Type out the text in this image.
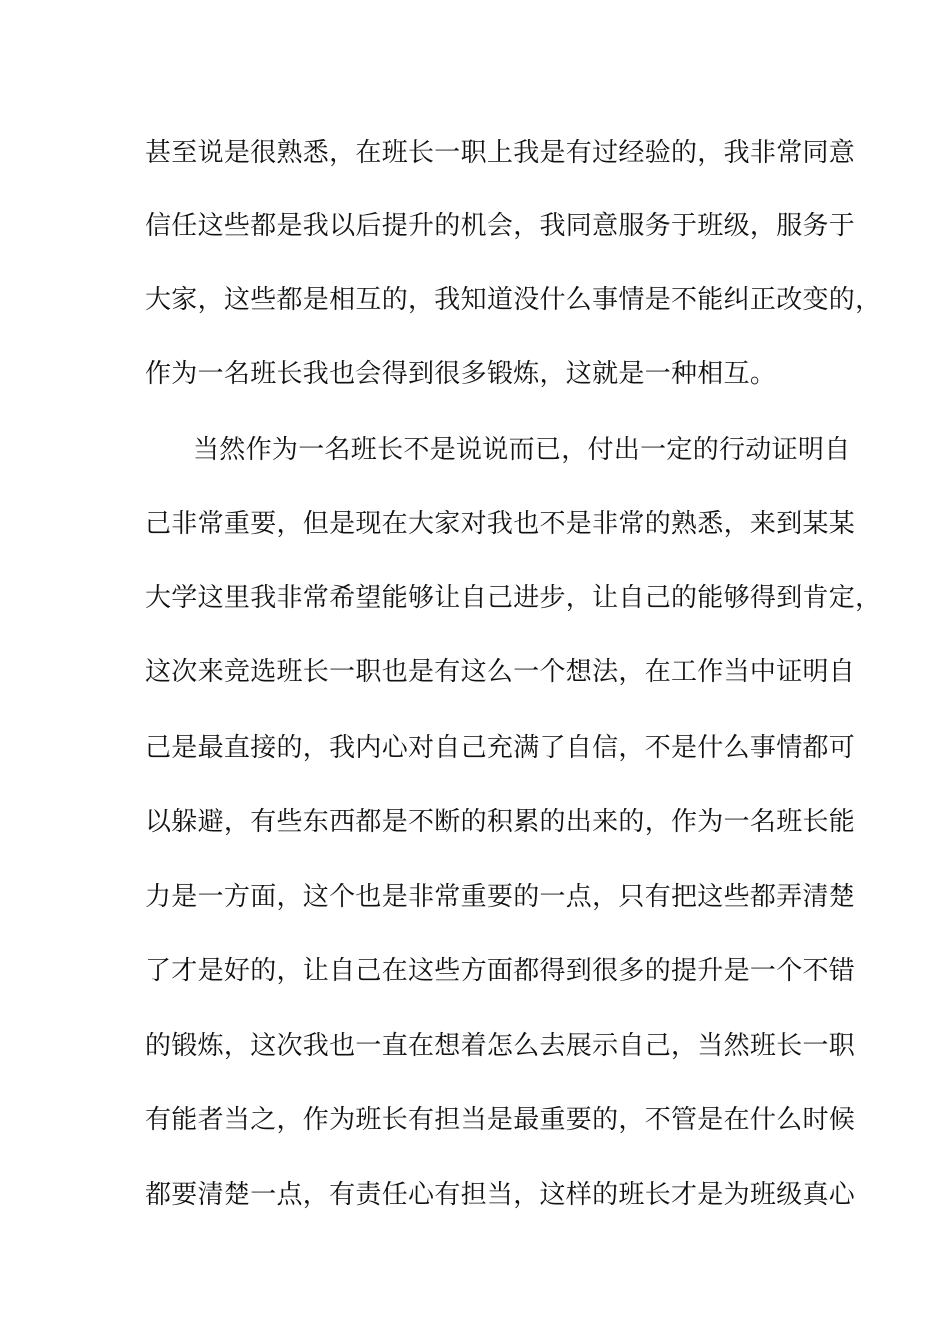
甚至说是很熟悉，在班长一职上我是有过经验的，我非常同意
信任这些都是我以后提升的机会，我同意服务于班级，服务于
大家，这些都是相互的，我知道没什么事情是不能纠正改变的，
作为一名班长我也会得到很多锻炼，这就是一种相互。
当然作为一名班长不是说说而已，付出一定的行动证明自
己非常重要，但是现在大家对我也不是非常的熟悉，来到某某
大学这里我非常希望能够让自己进步，让自己的能够得到肯定，
这次来竞选班长一职也是有这么一个想法，在工作当中证明自
己是最直接的，我内心对自己充满了自信，不是什么事情都可
以躲避，有些东西都是不断的积累的出来的，作为一名班长能
力是一方面，这个也是非常重要的一点，只有把这些都弄清楚
了才是好的，让自己在这些方面都得到很多的提升是一个不错
的锻炼，这次我也一直在想着怎么去展示自己，当然班长一职
有能者当之，作为班长有担当是最重要的，不管是在什么时候
都要清楚一点，有责任心有担当，这样的班长才是为班级真心
